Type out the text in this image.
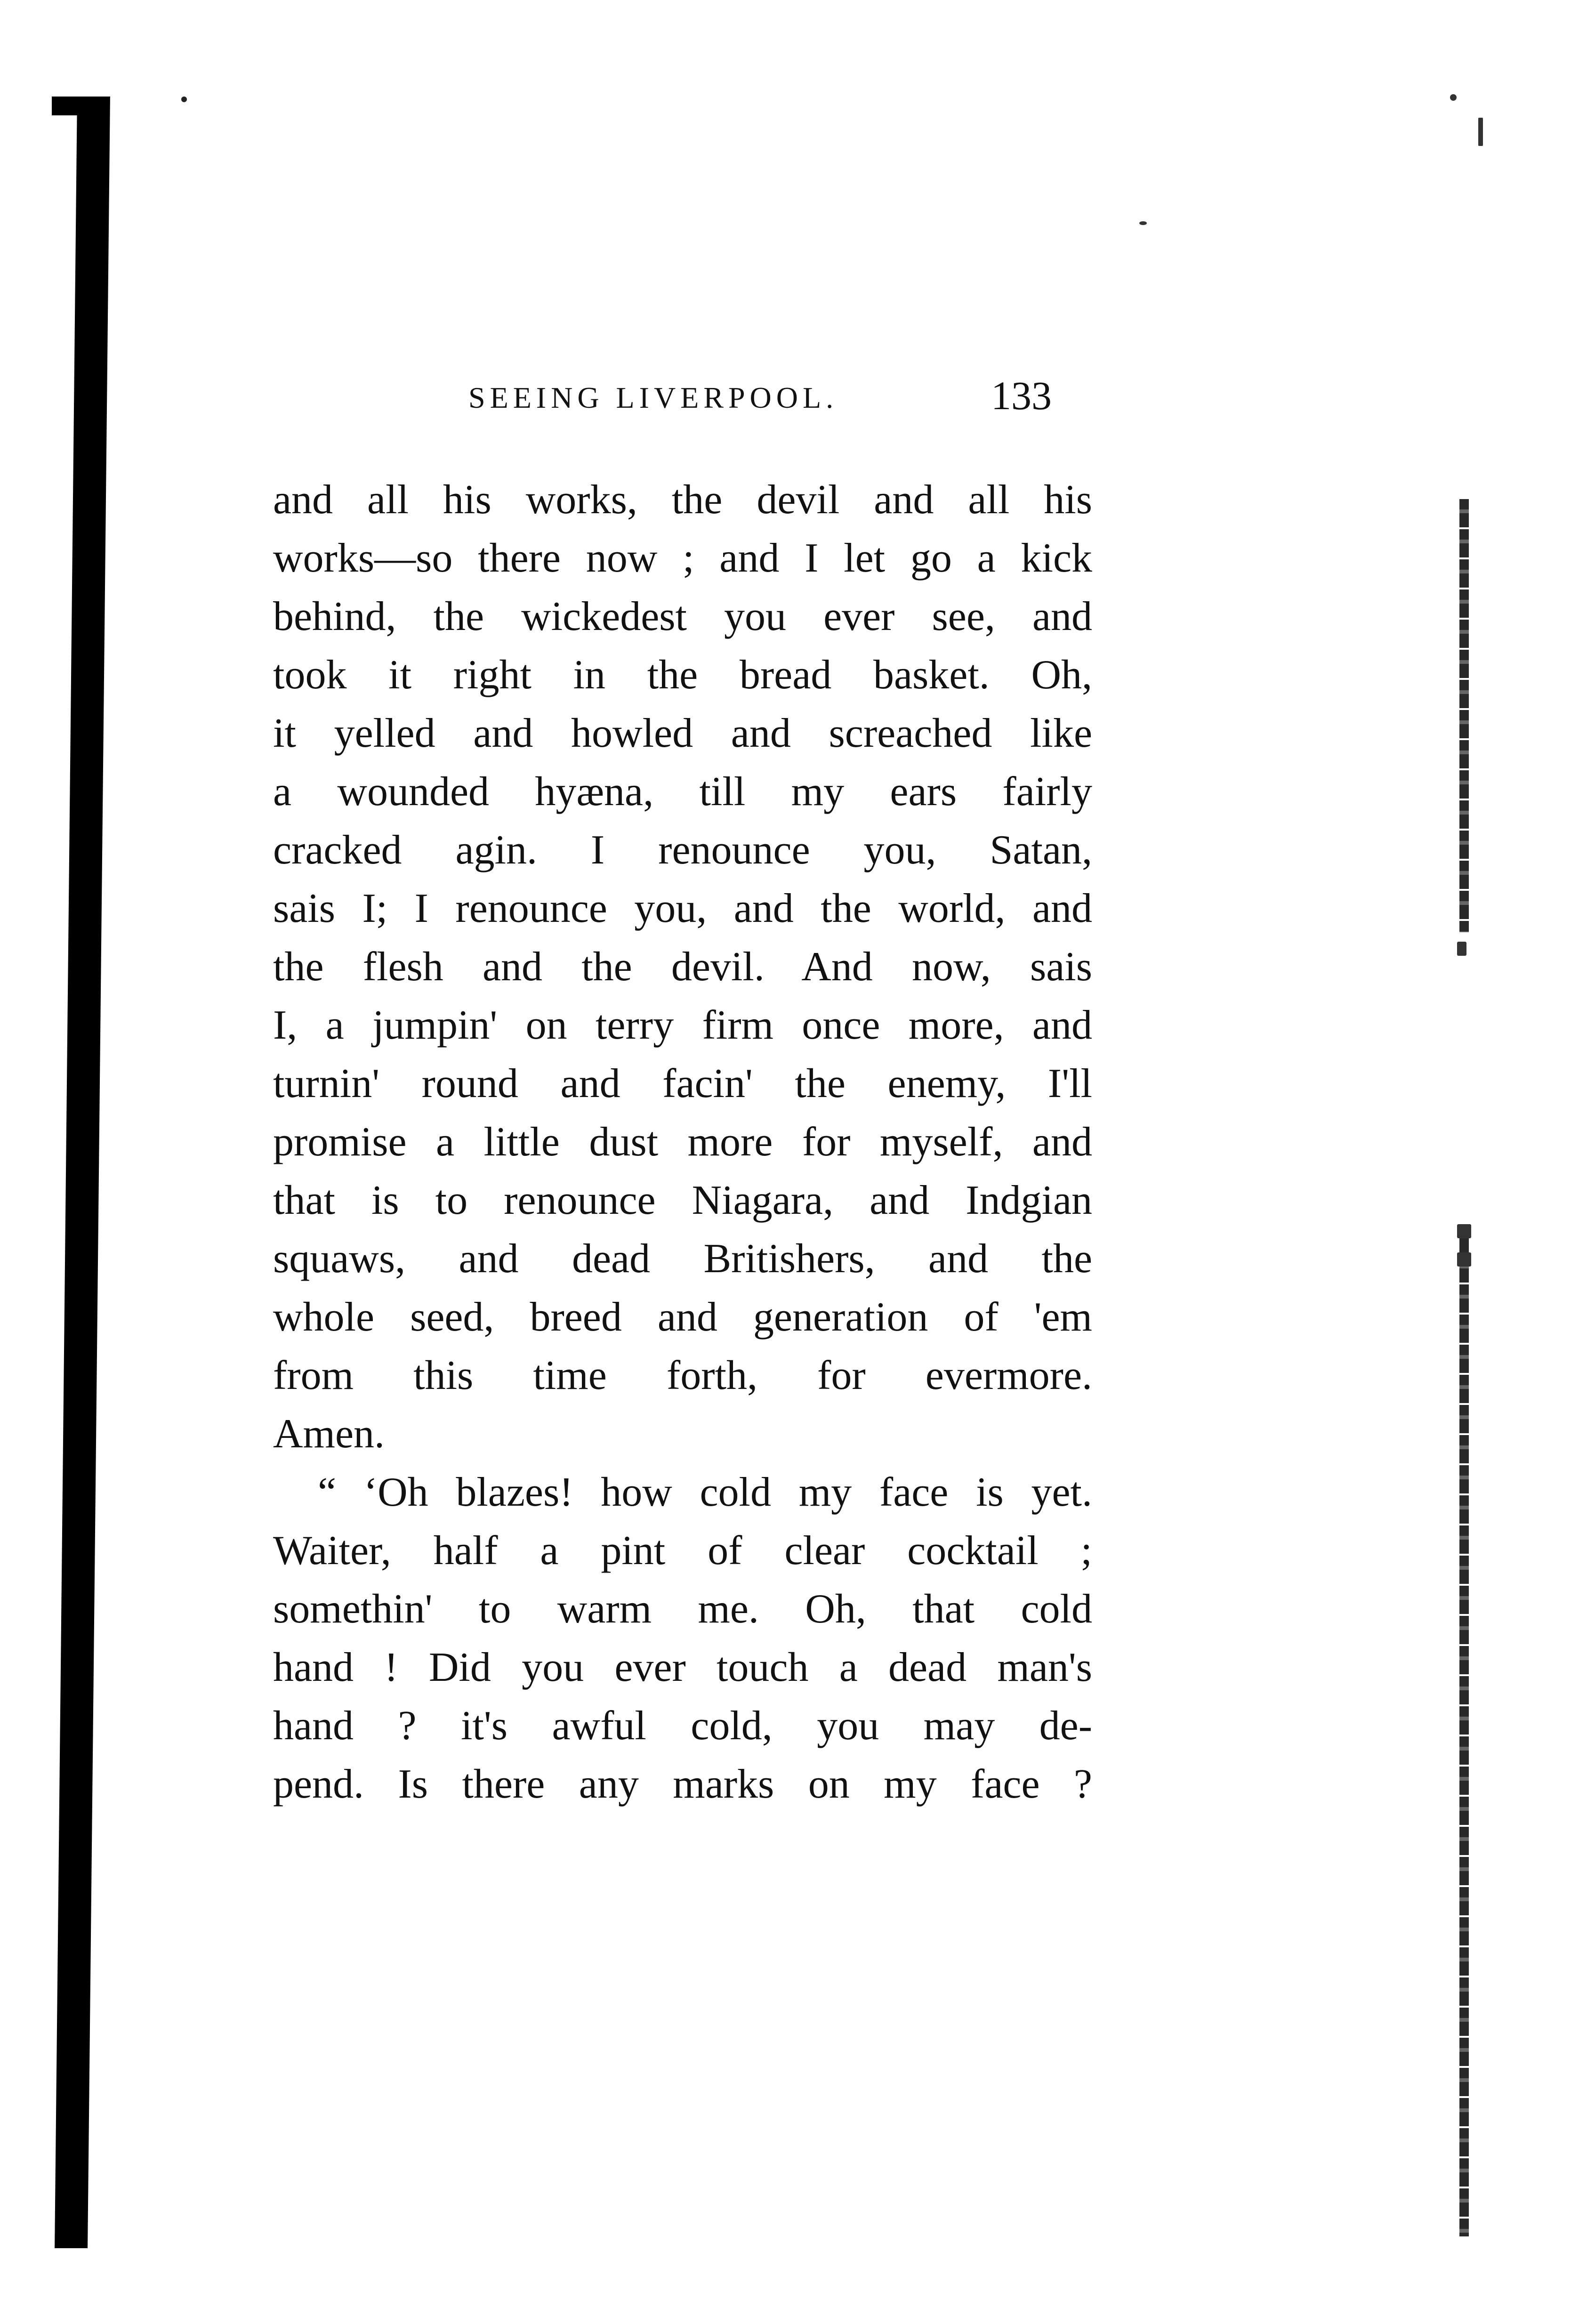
SEEING LIVERPOOL.	133
and all his works, the devil and all his
works—so there now ; and I let go a kick
behind, the wickedest you ever see, and
took it right in the bread basket. Oh,
it yelled and howled and screached like
a wounded hyæna, till my ears fairly
cracked agin. I renounce you, Satan,
sais I; I renounce you, and the world, and
the flesh and the devil. And now, sais
I, a jumpin' on terry firm once more, and
turnin' round and facin' the enemy, I'll
promise a little dust more for myself, and
that is to renounce Niagara, and Indgian
squaws, and dead Britishers, and the
whole seed, breed and generation of 'em
from this time forth, for evermore.
Amen.
“ ‘Oh blazes! how cold my face is yet.
Waiter, half a pint of clear cocktail ;
somethin' to warm me. Oh, that cold
hand ! Did you ever touch a dead man's
hand ? it's awful cold, you may de-
pend. Is there any marks on my face ?
